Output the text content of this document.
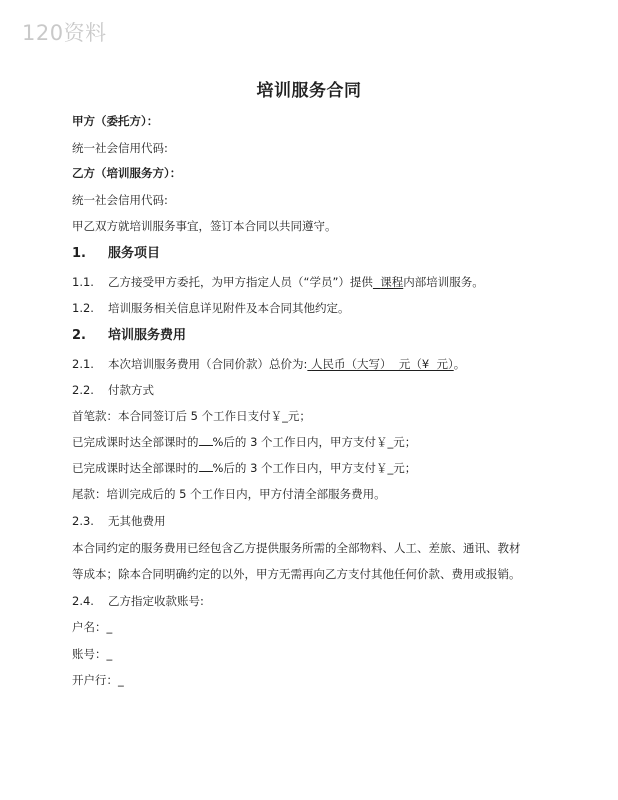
120资料
培训服务合同
甲方（委托方）：
统一社会信用代码:
乙方（培训服务方）：
统一社会信用代码:
甲乙双方就培训服务事宜，签订本合同以共同遵守。
1. 服务项目
1.1. 乙方接受甲方委托，为甲方指定人员（“学员”）提供 课程内部培训服务。
1.2. 培训服务相关信息详见附件及本合同其他约定。
2. 培训服务费用
2.1. 本次培训服务费用（合同价款）总价为: 人民币（大写）  元（¥  元）。
2.2. 付款方式
首笔款：本合同签订后 5 个工作日支付￥_元；
已完成课时达全部课时的 %后的 3 个工作日内，甲方支付￥_元；
已完成课时达全部课时的 %后的 3 个工作日内，甲方支付￥_元；
尾款：培训完成后的 5 个工作日内，甲方付清全部服务费用。
2.3. 无其他费用
本合同约定的服务费用已经包含乙方提供服务所需的全部物料、人工、差旅、通讯、教材
等成本；除本合同明确约定的以外，甲方无需再向乙方支付其他任何价款、费用或报销。
2.4. 乙方指定收款账号:
户名：_
账号：_
开户行：_
